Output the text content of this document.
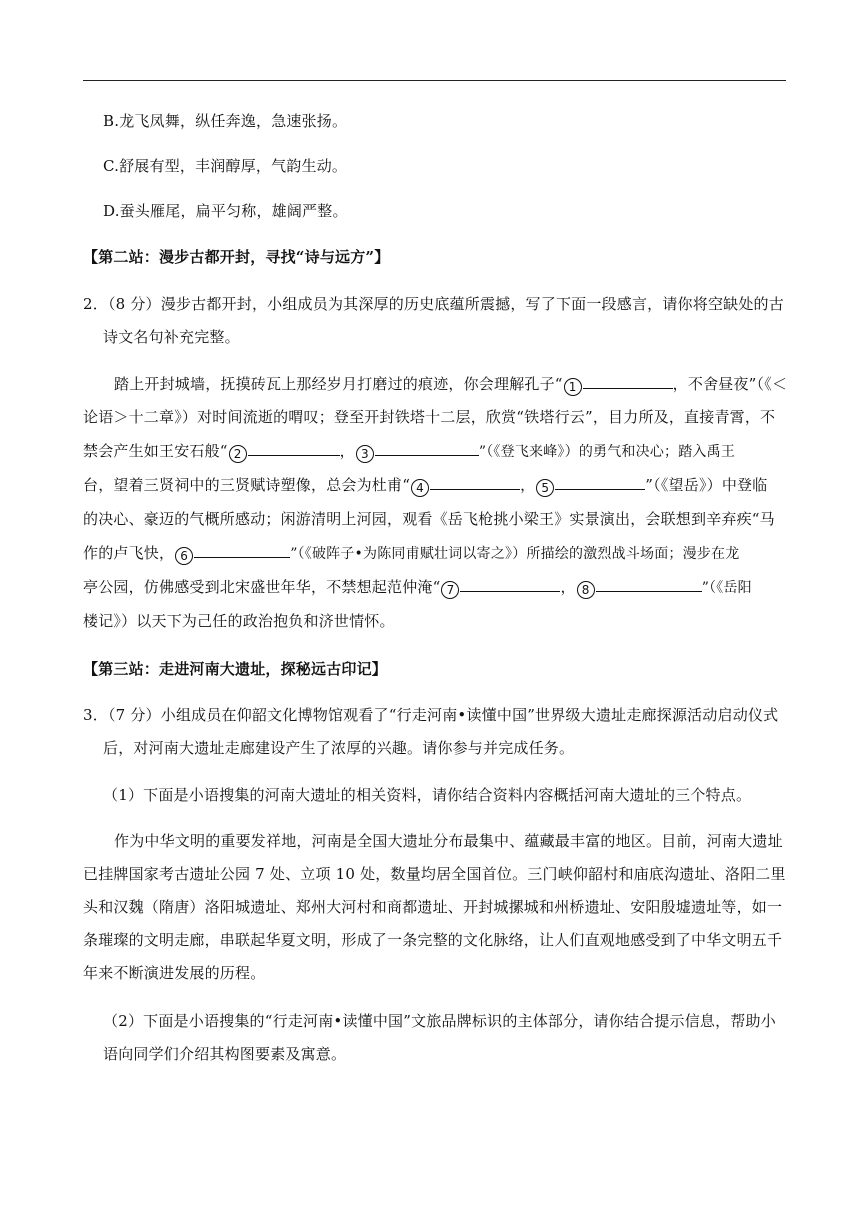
B.龙飞凤舞，纵任奔逸，急速张扬。
C.舒展有型，丰润醇厚，气韵生动。
D.蚕头雁尾，扁平匀称，雄阔严整。
【第二站：漫步古都开封，寻找“诗与远方”】
2．（8 分）漫步古都开封，小组成员为其深厚的历史底蕴所震撼，写了下面一段感言，请你将空缺处的古
诗文名句补充完整。
踏上开封城墙，抚摸砖瓦上那经岁月打磨过的痕迹，你会理解孔子“ 1	，不舍昼夜”（《＜
论语＞十二章》）对时间流逝的喟叹；登至开封铁塔十二层，欣赏“铁塔行云”，目力所及，直接青霄，不
禁会产生如王安石般“ 2	， 3	”（《登飞来峰》）的勇气和决心；踏入禹王
台，望着三贤祠中的三贤赋诗塑像，总会为杜甫“ 4	， 5	”（《望岳》）中登临
的决心、豪迈的气概所感动；闲游清明上河园，观看《岳飞枪挑小梁王》实景演出，会联想到辛弃疾“马
作的卢飞快， 6	”（《破阵子•为陈同甫赋壮词以寄之》）所描绘的激烈战斗场面；漫步在龙
亭公园，仿佛感受到北宋盛世年华，不禁想起范仲淹“ 7	， 8	”（《岳阳
楼记》）以天下为己任的政治抱负和济世情怀。
【第三站：走进河南大遗址，探秘远古印记】
3．（7 分）小组成员在仰韶文化博物馆观看了“行走河南•读懂中国”世界级大遗址走廊探源活动启动仪式
后，对河南大遗址走廊建设产生了浓厚的兴趣。请你参与并完成任务。
（1）下面是小语搜集的河南大遗址的相关资料，请你结合资料内容概括河南大遗址的三个特点。
作为中华文明的重要发祥地，河南是全国大遗址分布最集中、蕴藏最丰富的地区。目前，河南大遗址
已挂牌国家考古遗址公园 7 处、立项 10 处，数量均居全国首位。三门峡仰韶村和庙底沟遗址、洛阳二里
头和汉魏（隋唐）洛阳城遗址、郑州大河村和商都遗址、开封城摞城和州桥遗址、安阳殷墟遗址等，如一
条璀璨的文明走廊，串联起华夏文明，形成了一条完整的文化脉络，让人们直观地感受到了中华文明五千
年来不断演进发展的历程。
（2）下面是小语搜集的“行走河南•读懂中国”文旅品牌标识的主体部分，请你结合提示信息，帮助小
语向同学们介绍其构图要素及寓意。
